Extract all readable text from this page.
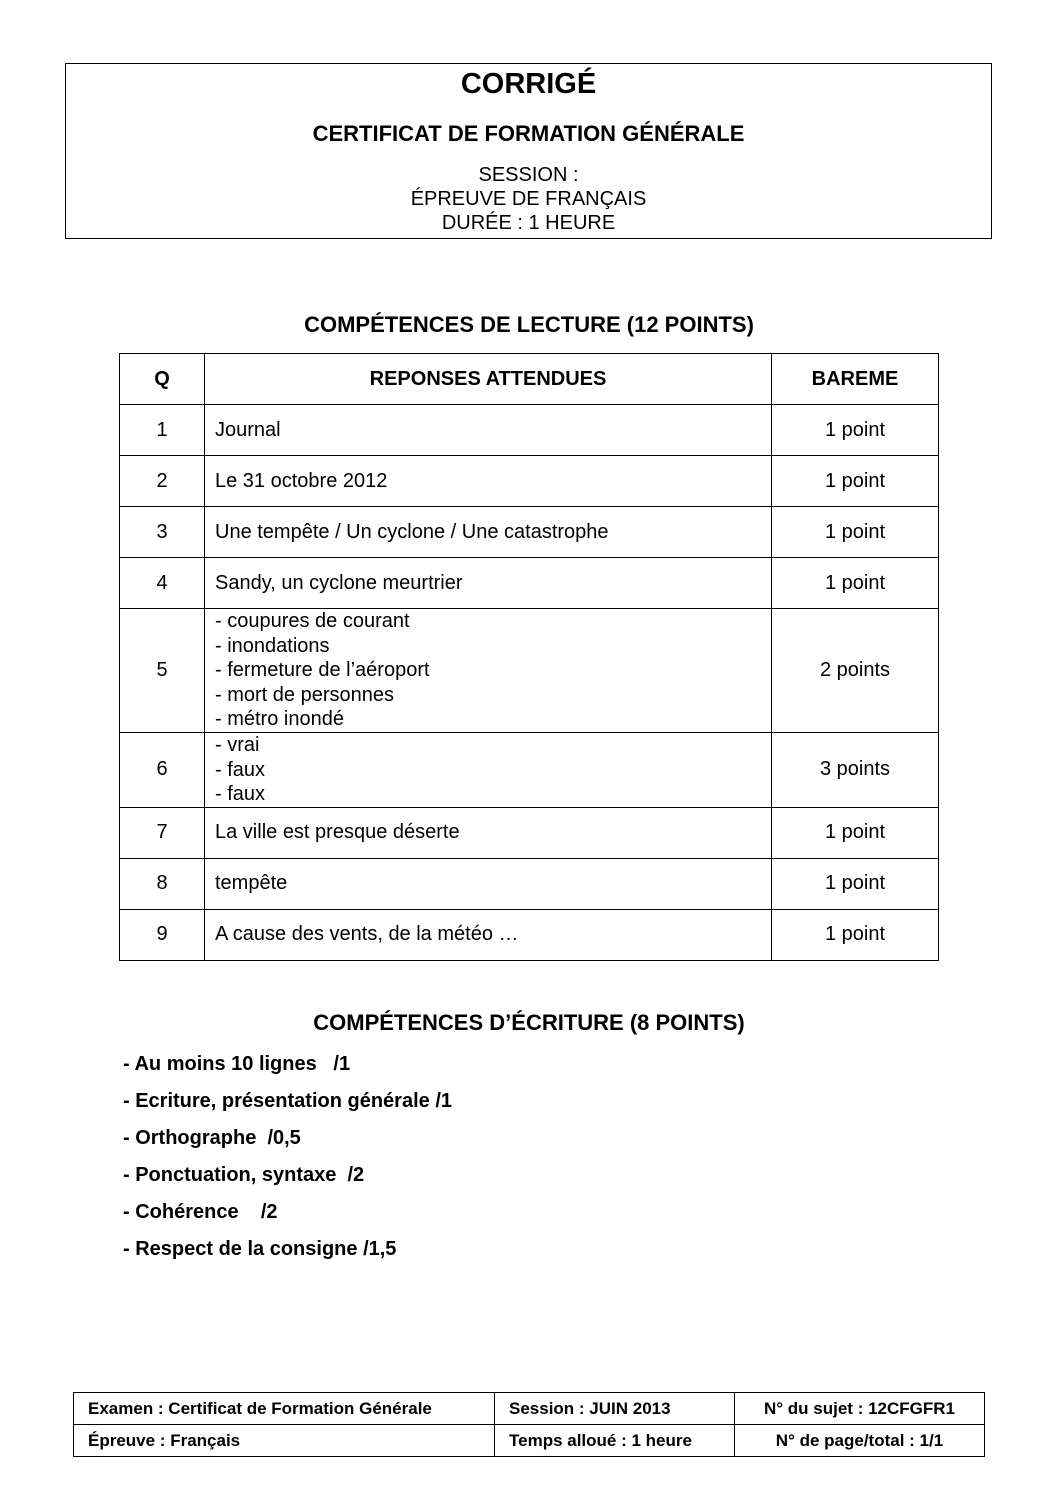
CORRIGÉ
CERTIFICAT DE FORMATION GÉNÉRALE
SESSION :
ÉPREUVE DE FRANÇAIS
DURÉE : 1 HEURE
COMPÉTENCES DE LECTURE (12 POINTS)
Q	REPONSES ATTENDUES	BAREME
1	Journal	1 point
2	Le 31 octobre 2012	1 point
3	Une tempête / Un cyclone / Une catastrophe	1 point
4	Sandy, un cyclone meurtrier	1 point
5	- coupures de courant
- inondations
- fermeture de l’aéroport
- mort de personnes
- métro inondé	2 points
6	- vrai
- faux
- faux	3 points
7	La ville est presque déserte	1 point
8	tempête	1 point
9	A cause des vents, de la météo …	1 point
COMPÉTENCES D’ÉCRITURE (8 POINTS)
- Au moins 10 lignes   /1
- Ecriture, présentation générale /1
- Orthographe  /0,5
- Ponctuation, syntaxe  /2
- Cohérence    /2
- Respect de la consigne /1,5
Examen : Certificat de Formation Générale	Session : JUIN 2013	N° du sujet : 12CFGFR1
Épreuve : Français	Temps alloué : 1 heure	N° de page/total : 1/1
